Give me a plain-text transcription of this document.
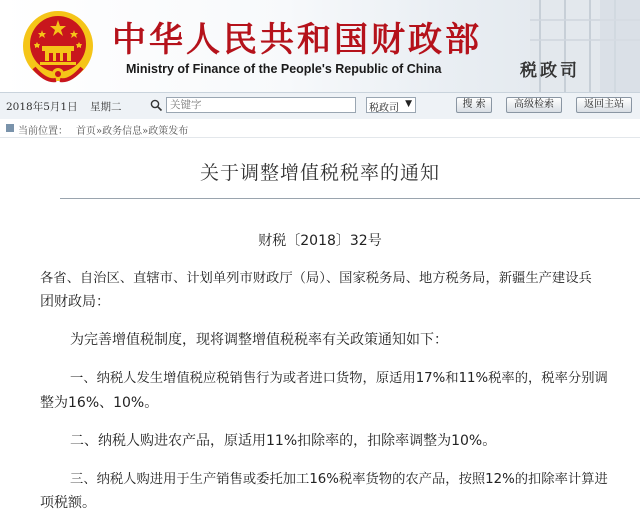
中华人民共和国财政部
Ministry of Finance of the People's Republic of China	税政司
2018年5月1日 星期二
关键字	税政司 ▼	搜 索	高级检索	返回主站
当前位置： 首页»政务信息»政策发布
关于调整增值税税率的通知
财税〔2018〕32号
各省、自治区、直辖市、计划单列市财政厅（局）、国家税务局、地方税务局，新疆生产建设兵
团财政局：
为完善增值税制度，现将调整增值税税率有关政策通知如下：
一、纳税人发生增值税应税销售行为或者进口货物，原适用17%和11%税率的，税率分别调
整为16%、10%。
二、纳税人购进农产品，原适用11%扣除率的，扣除率调整为10%。
三、纳税人购进用于生产销售或委托加工16%税率货物的农产品，按照12%的扣除率计算进
项税额。
